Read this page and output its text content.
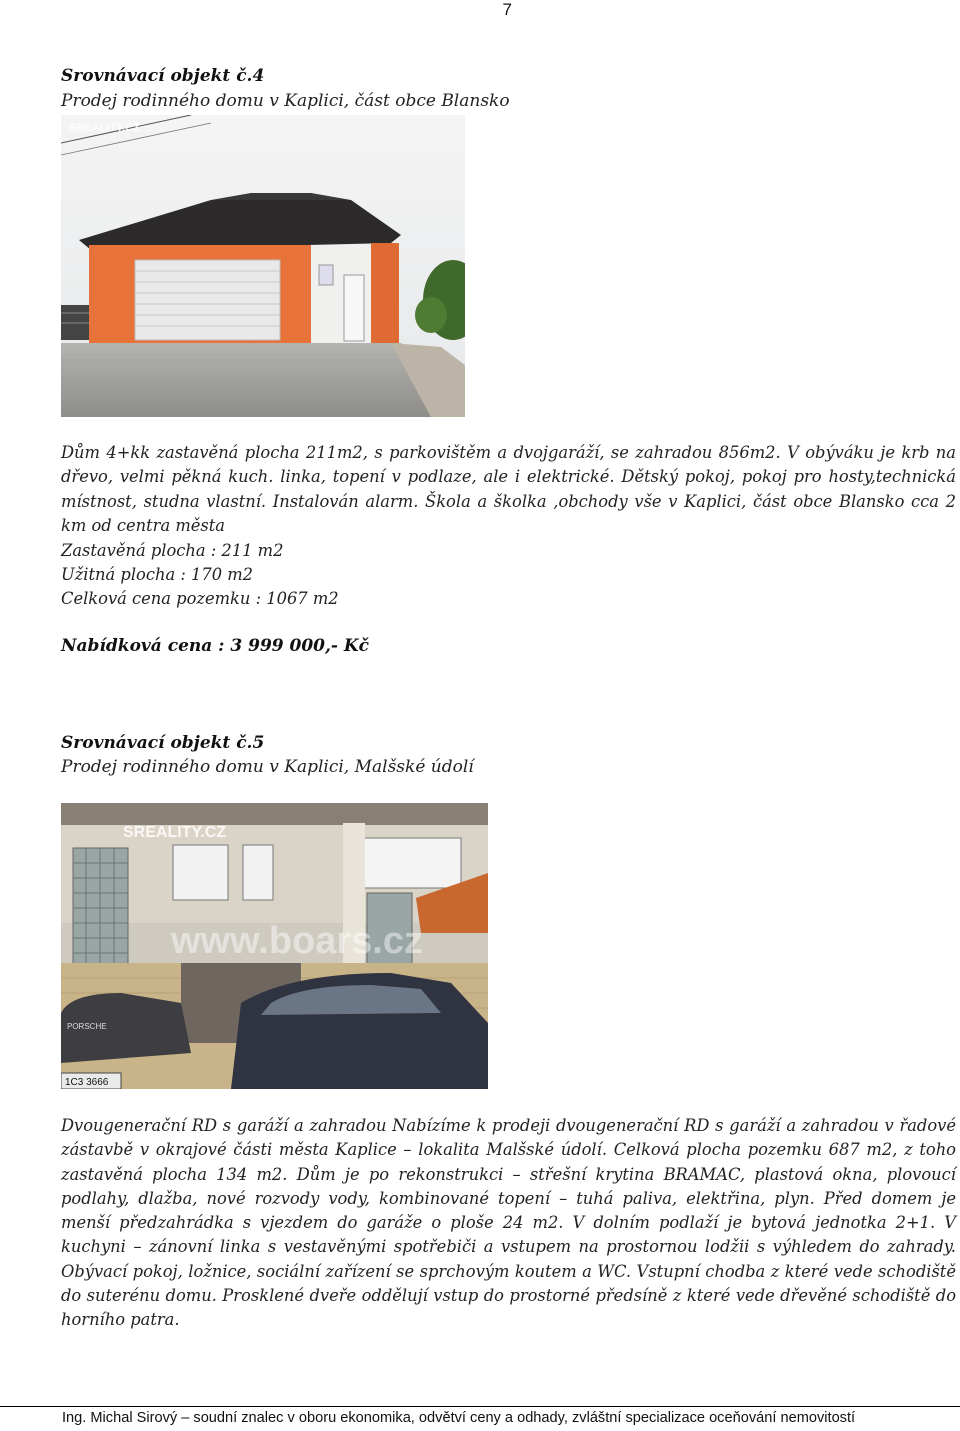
7
Srovnávací objekt č.4
Prodej rodinného domu v Kaplici, část obce Blansko
SREALITY.CZ

Dům 4+kk zastavěná plocha 211m2, s parkovištěm a dvojgaráží, se zahradou 856m2. V obýváku je krb na dřevo, velmi pěkná kuch. linka, topení v podlaze, ale i elektrické. Dětský pokoj, pokoj pro hosty,technická místnost, studna vlastní. Instalován alarm. Škola a školka ,obchody vše v Kaplici, část obce Blansko cca 2 km od centra města

Zastavěná plocha : 211 m2
Užitná plocha : 170 m2
Celková cena pozemku : 1067 m2
Nabídková cena : 3 999 000,- Kč
Srovnávací objekt č.5
Prodej rodinného domu v Kaplici, Malšské údolí
1C3 3666
PORSCHE
SREALITY.CZ
www.boars.cz

Dvougenerační RD s garáží a zahradou Nabízíme k prodeji dvougenerační RD s garáží a zahradou v řadové zástavbě v okrajové části města Kaplice – lokalita Malšské údolí. Celková plocha pozemku 687 m2, z toho zastavěná plocha 134 m2. Dům je po rekonstrukci – střešní krytina BRAMAC, plastová okna, plovoucí podlahy, dlažba, nové rozvody vody, kombinované topení – tuhá paliva, elektřina, plyn. Před domem je menší předzahrádka s vjezdem do garáže o ploše 24 m2. V dolním podlaží je bytová jednotka 2+1. V kuchyni – zánovní linka s vestavěnými spotřebiči a vstupem na prostornou lodžii s výhledem do zahrady. Obývací pokoj, ložnice, sociální zařízení se sprchovým koutem a WC. Vstupní chodba z které vede schodiště do suterénu domu. Prosklené dveře oddělují vstup do prostorné předsíně z které vede dřevěné schodiště do horního patra.

Ing. Michal Sirový – soudní znalec v oboru ekonomika, odvětví ceny a odhady, zvláštní specializace oceňování nemovitostí
